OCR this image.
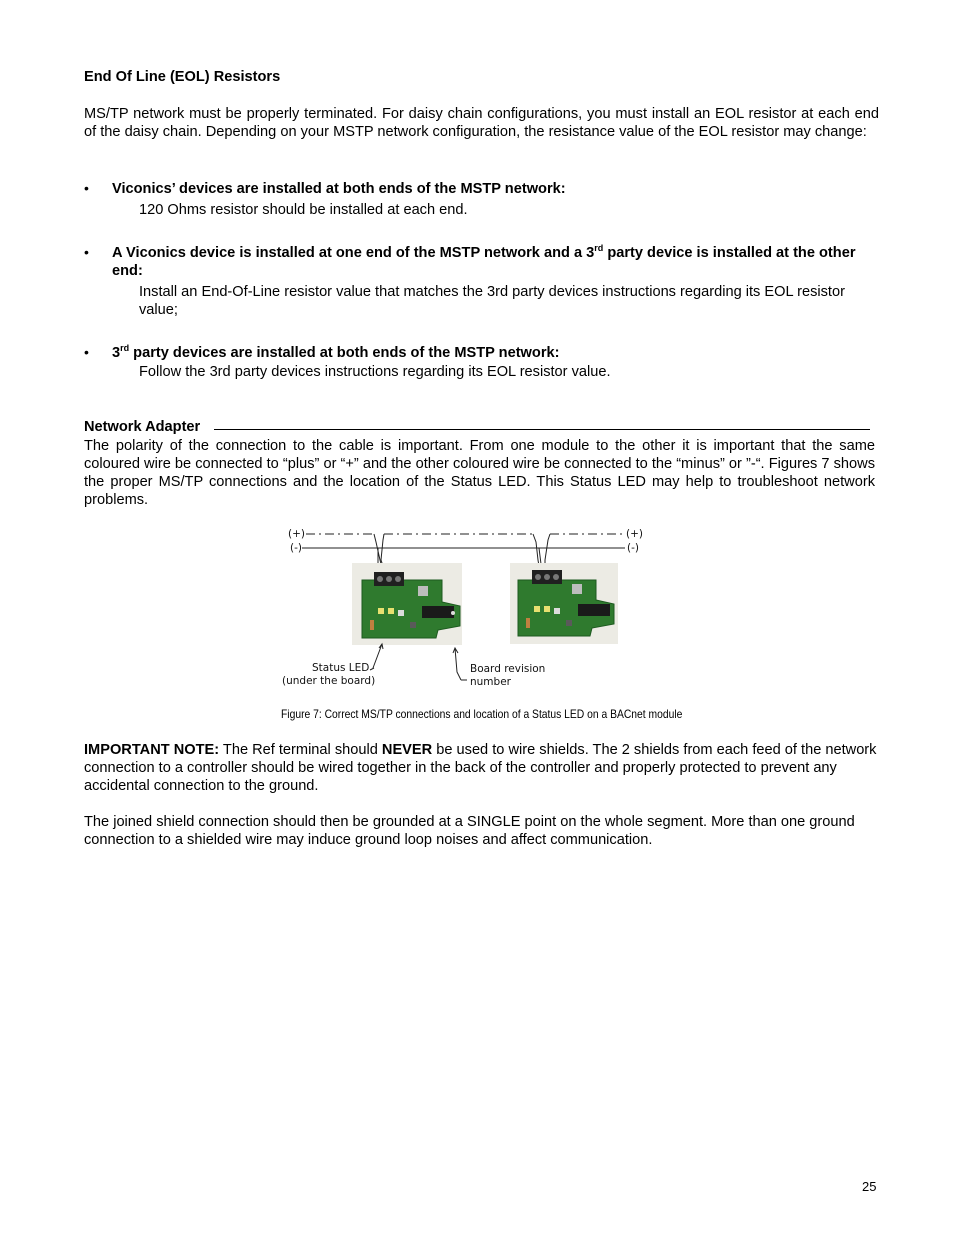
End Of Line (EOL) Resistors

MS/TP network must be properly terminated. For daisy chain configurations, you must install an EOL resistor at each end of the daisy chain. Depending on your MSTP network configuration, the resistance value of the EOL resistor may change:

• Viconics’ devices are installed at both ends of the MSTP network:
120 Ohms resistor should be installed at each end.
• A Viconics device is installed at one end of the MSTP network and a 3rd party device is installed at the other end:
Install an End-Of-Line resistor value that matches the 3rd party devices instructions regarding its EOL resistor value;
• 3rd party devices are installed at both ends of the MSTP network:
Follow the 3rd party devices instructions regarding its EOL resistor value.
Network Adapter

The polarity of the connection to the cable is important. From one module to the other it is important that the same coloured wire be connected to “plus” or “+” and the other coloured wire be connected to the “minus” or ”-“. Figures 7 shows the proper MS/TP connections and the location of the Status LED. This Status LED may help to troubleshoot network problems.

(+)
(-)
(+)
(-)
Status LED
(under the board)
Board revision
number
Figure 7: Correct MS/TP connections and location of a Status LED on a BACnet module

IMPORTANT NOTE: The Ref terminal should NEVER be used to wire shields. The 2 shields from each feed of the network connection to a controller should be wired together in the back of the controller and properly protected to prevent any accidental connection to the ground.

The joined shield connection should then be grounded at a SINGLE point on the whole segment. More than one ground connection to a shielded wire may induce ground loop noises and affect communication.

25
